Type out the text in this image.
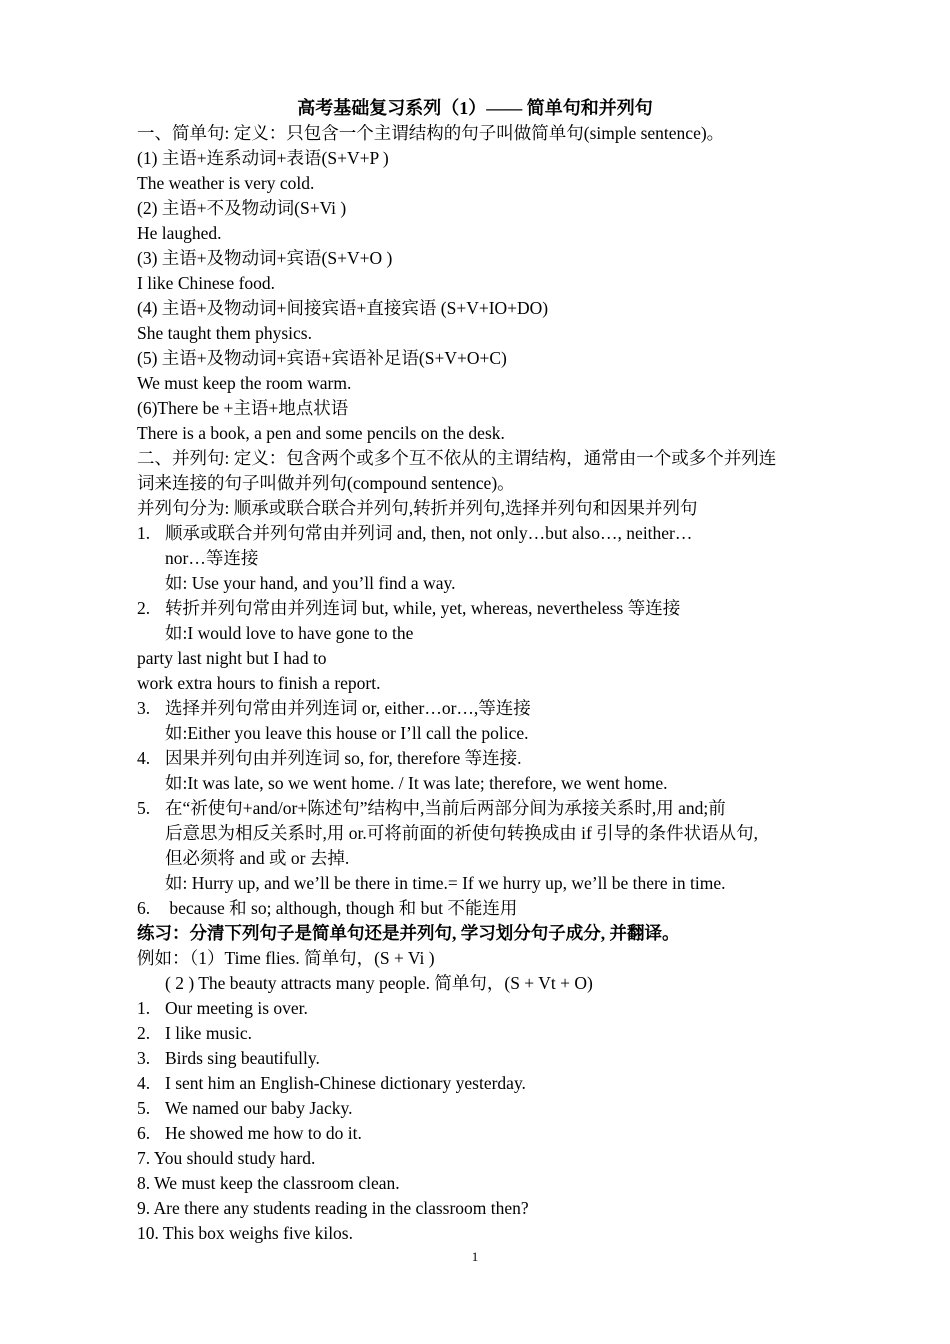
高考基础复习系列（1）—— 简单句和并列句
一、简单句: 定义：只包含一个主谓结构的句子叫做简单句(simple sentence)。
(1) 主语+连系动词+表语(S+V+P )
The weather is very cold.
(2) 主语+不及物动词(S+Vi )
He laughed.
(3) 主语+及物动词+宾语(S+V+O )
I like Chinese food.
(4) 主语+及物动词+间接宾语+直接宾语 (S+V+IO+DO)
She taught them physics.
(5) 主语+及物动词+宾语+宾语补足语(S+V+O+C)
We must keep the room warm.
(6)There be +主语+地点状语
There is a book, a pen and some pencils on the desk.
二、并列句: 定义：包含两个或多个互不依从的主谓结构，通常由一个或多个并列连
词来连接的句子叫做并列句(compound sentence)。
并列句分为: 顺承或联合联合并列句,转折并列句,选择并列句和因果并列句
1. 顺承或联合并列句常由并列词 and, then, not only…but also…, neither…
nor…等连接
如: Use your hand, and you’ll find a way.
2. 转折并列句常由并列连词 but, while, yet, whereas, nevertheless 等连接
如:I would love to have gone to the
party last night but I had to
work extra hours to finish a report.
3. 选择并列句常由并列连词 or, either…or…,等连接
如:Either you leave this house or I’ll call the police.
4. 因果并列句由并列连词 so, for, therefore 等连接.
如:It was late, so we went home. / It was late; therefore, we went home.
5. 在“祈使句+and/or+陈述句”结构中,当前后两部分间为承接关系时,用 and;前
后意思为相反关系时,用 or.可将前面的祈使句转换成由 if 引导的条件状语从句,
但必须将 and 或 or 去掉.
如: Hurry up, and we’ll be there in time.= If we hurry up, we’ll be there in time.
6. because 和 so; although, though 和 but 不能连用
练习：分清下列句子是简单句还是并列句, 学习划分句子成分, 并翻译。
例如：（1）Time flies. 简单句，(S + Vi )
( 2 ) The beauty attracts many people. 简单句，(S + Vt + O)
1. Our meeting is over.
2. I like music.
3. Birds sing beautifully.
4. I sent him an English-Chinese dictionary yesterday.
5. We named our baby Jacky.
6. He showed me how to do it.
7. You should study hard.
8. We must keep the classroom clean.
9. Are there any students reading in the classroom then?
10. This box weighs five kilos.
1
